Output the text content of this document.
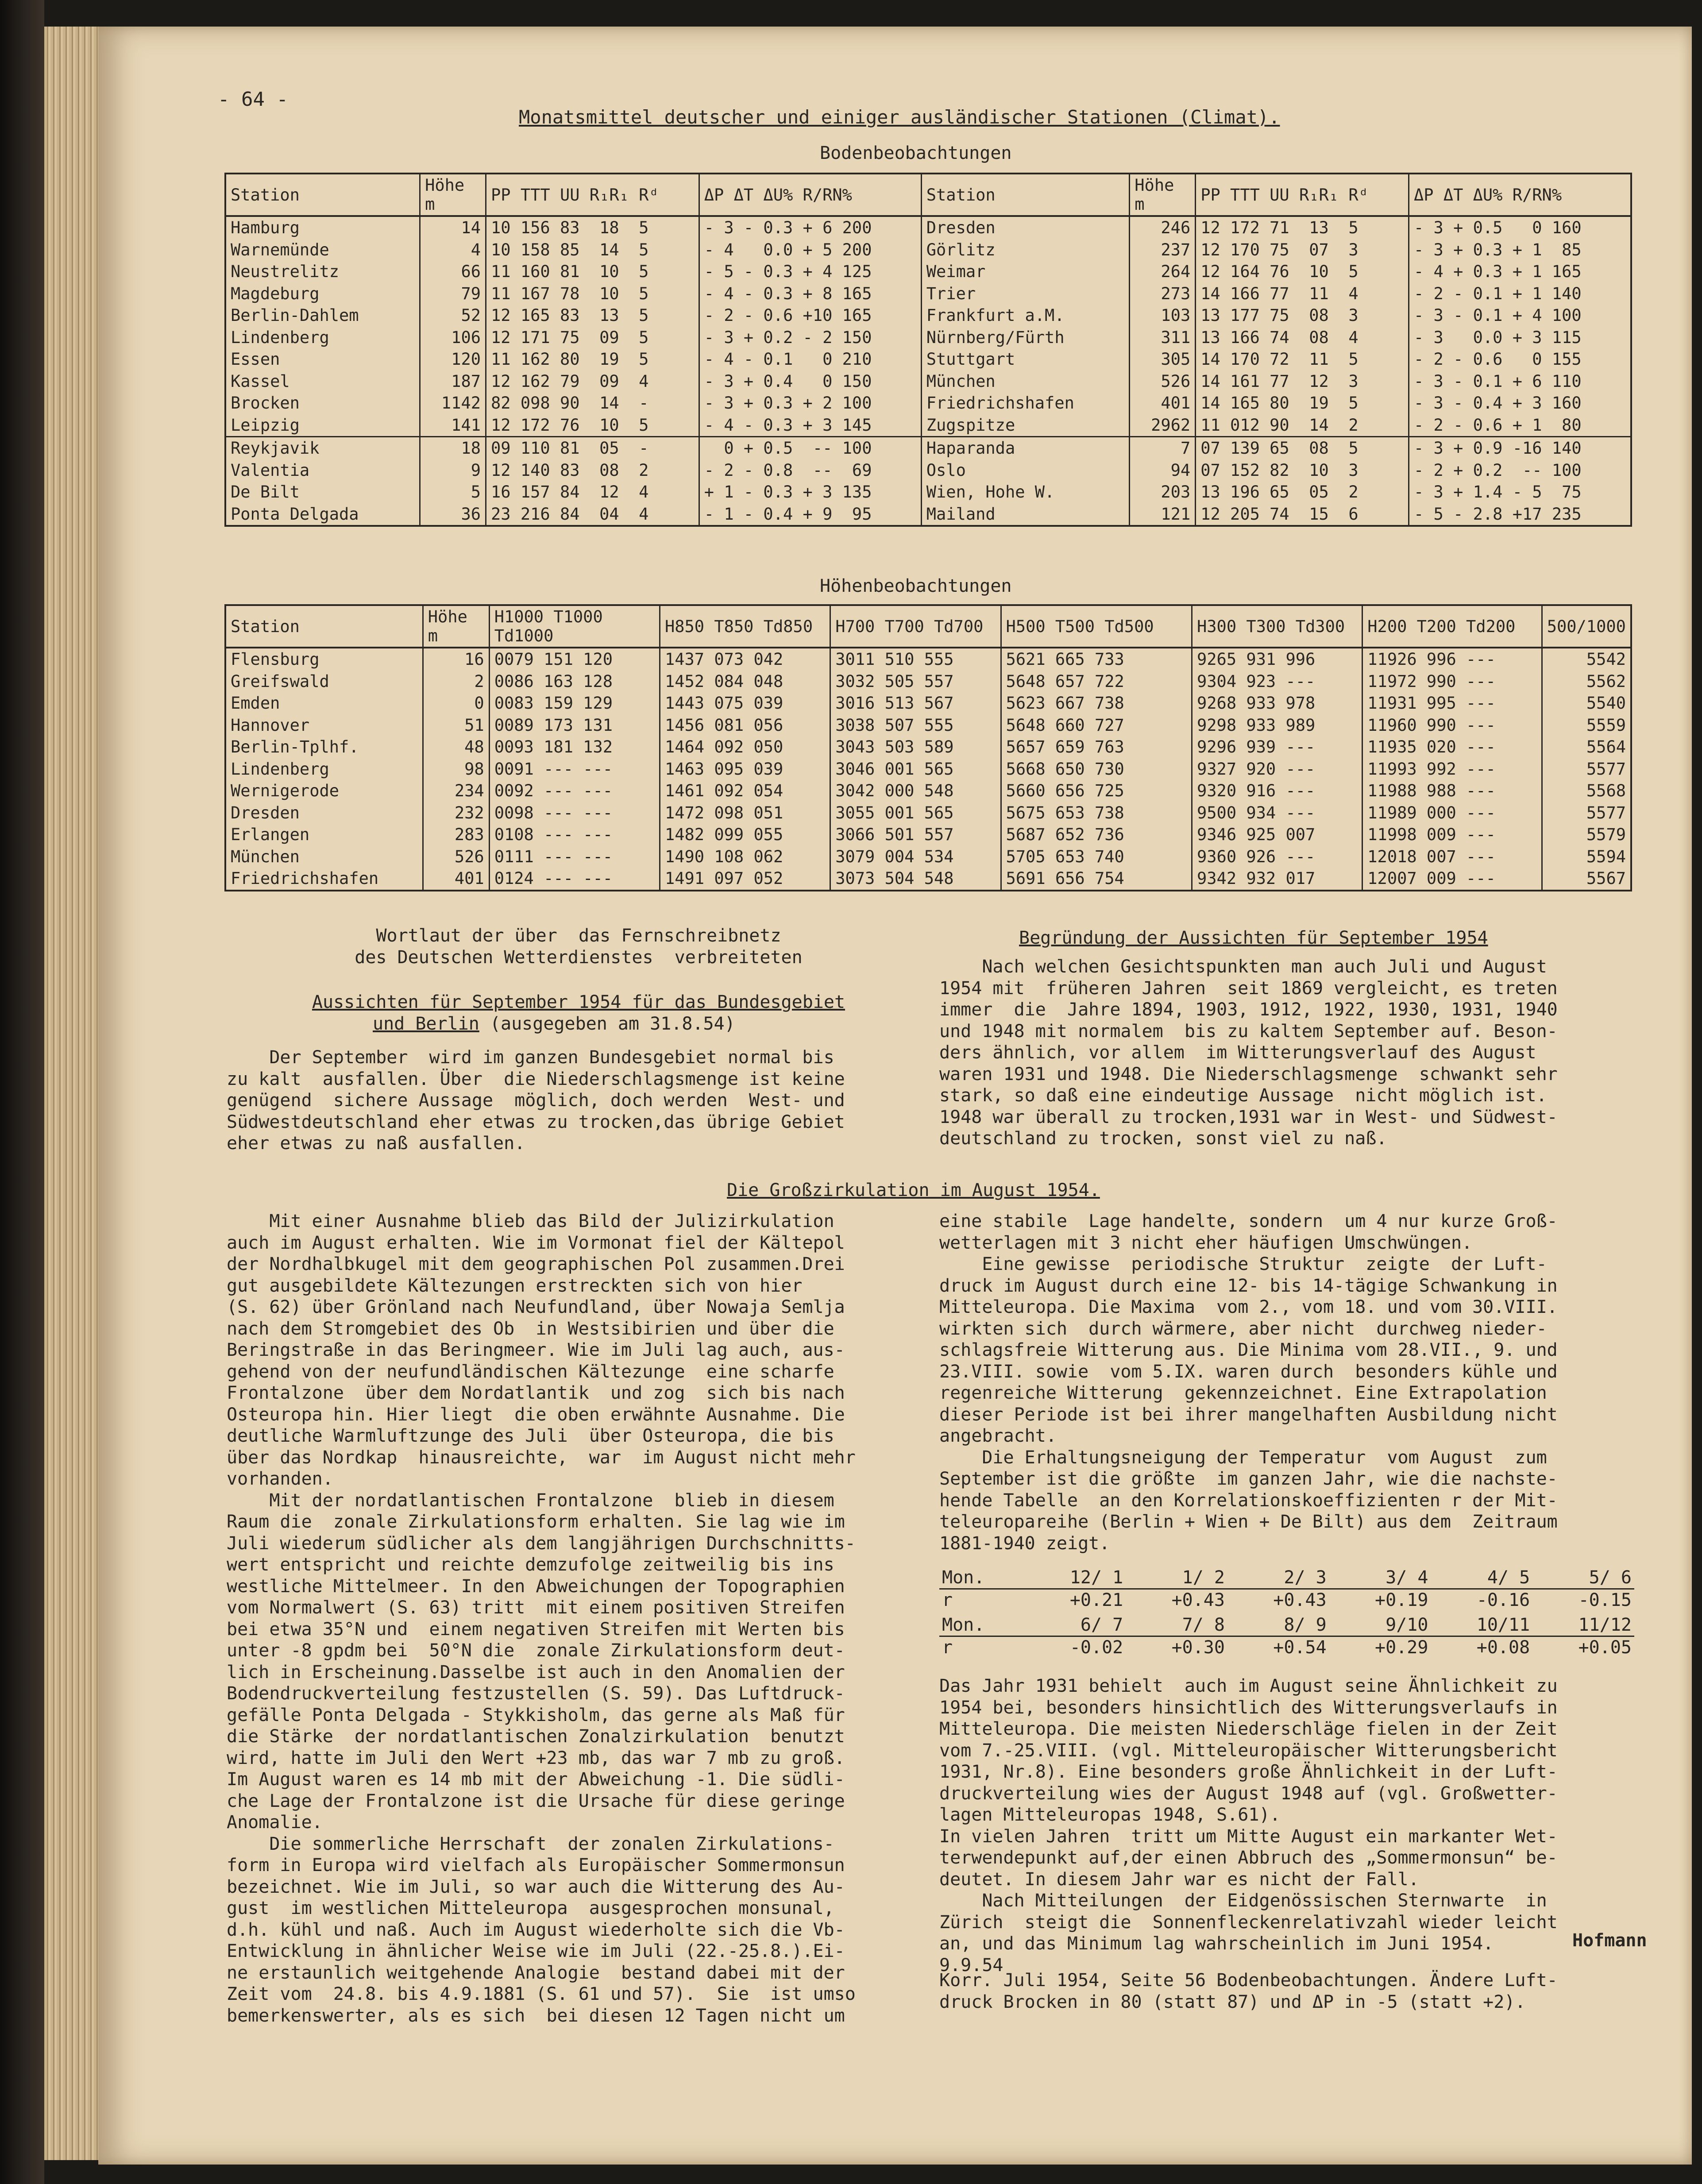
- 64 -
Monatsmittel deutscher und einiger ausländischer Stationen (Climat).
Bodenbeobachtungen
Station	Höhe m	PP TTT UU R₁R₁ Rᵈ	ΔP ΔT ΔU% R/RN%	Station	Höhe m	PP TTT UU R₁R₁ Rᵈ	ΔP ΔT ΔU% R/RN%
Hamburg	14	10 156 83  18  5	- 3 - 0.3 + 6 200	Dresden	246	12 172 71  13  5	- 3 + 0.5   0 160
Warnemünde	4	10 158 85  14  5	- 4   0.0 + 5 200	Görlitz	237	12 170 75  07  3	- 3 + 0.3 + 1  85
Neustrelitz	66	11 160 81  10  5	- 5 - 0.3 + 4 125	Weimar	264	12 164 76  10  5	- 4 + 0.3 + 1 165
Magdeburg	79	11 167 78  10  5	- 4 - 0.3 + 8 165	Trier	273	14 166 77  11  4	- 2 - 0.1 + 1 140
Berlin-Dahlem	52	12 165 83  13  5	- 2 - 0.6 +10 165	Frankfurt a.M.	103	13 177 75  08  3	- 3 - 0.1 + 4 100
Lindenberg	106	12 171 75  09  5	- 3 + 0.2 - 2 150	Nürnberg/Fürth	311	13 166 74  08  4	- 3   0.0 + 3 115
Essen	120	11 162 80  19  5	- 4 - 0.1   0 210	Stuttgart	305	14 170 72  11  5	- 2 - 0.6   0 155
Kassel	187	12 162 79  09  4	- 3 + 0.4   0 150	München	526	14 161 77  12  3	- 3 - 0.1 + 6 110
Brocken	1142	82 098 90  14  -	- 3 + 0.3 + 2 100	Friedrichshafen	401	14 165 80  19  5	- 3 - 0.4 + 3 160
Leipzig	141	12 172 76  10  5	- 4 - 0.3 + 3 145	Zugspitze	2962	11 012 90  14  2	- 2 - 0.6 + 1  80
Reykjavik	18	09 110 81  05  -	0 + 0.5  -- 100	Haparanda	7	07 139 65  08  5	- 3 + 0.9 -16 140
Valentia	9	12 140 83  08  2	- 2 - 0.8  --  69	Oslo	94	07 152 82  10  3	- 2 + 0.2  -- 100
De Bilt	5	16 157 84  12  4	+ 1 - 0.3 + 3 135	Wien, Hohe W.	203	13 196 65  05  2	- 3 + 1.4 - 5  75
Ponta Delgada	36	23 216 84  04  4	- 1 - 0.4 + 9  95	Mailand	121	12 205 74  15  6	- 5 - 2.8 +17 235
Höhenbeobachtungen
Station	Höhe m	H1000 T1000 Td1000	H850 T850 Td850	H700 T700 Td700	H500 T500 Td500	H300 T300 Td300	H200 T200 Td200	500/1000
Flensburg	16	0079 151 120	1437 073 042	3011 510 555	5621 665 733	9265 931 996	11926 996 ---	5542
Greifswald	2	0086 163 128	1452 084 048	3032 505 557	5648 657 722	9304 923 ---	11972 990 ---	5562
Emden	0	0083 159 129	1443 075 039	3016 513 567	5623 667 738	9268 933 978	11931 995 ---	5540
Hannover	51	0089 173 131	1456 081 056	3038 507 555	5648 660 727	9298 933 989	11960 990 ---	5559
Berlin-Tplhf.	48	0093 181 132	1464 092 050	3043 503 589	5657 659 763	9296 939 ---	11935 020 ---	5564
Lindenberg	98	0091 --- ---	1463 095 039	3046 001 565	5668 650 730	9327 920 ---	11993 992 ---	5577
Wernigerode	234	0092 --- ---	1461 092 054	3042 000 548	5660 656 725	9320 916 ---	11988 988 ---	5568
Dresden	232	0098 --- ---	1472 098 051	3055 001 565	5675 653 738	9500 934 ---	11989 000 ---	5577
Erlangen	283	0108 --- ---	1482 099 055	3066 501 557	5687 652 736	9346 925 007	11998 009 ---	5579
München	526	0111 --- ---	1490 108 062	3079 004 534	5705 653 740	9360 926 ---	12018 007 ---	5594
Friedrichshafen	401	0124 --- ---	1491 097 052	3073 504 548	5691 656 754	9342 932 017	12007 009 ---	5567
Wortlaut der über  das Fernschreibnetz
des Deutschen Wetterdienstes  verbreiteten
Aussichten für September 1954 für das Bundesgebiet
und Berlin (ausgegeben am 31.8.54)
Der September  wird im ganzen Bundesgebiet normal bis
zu kalt  ausfallen. Über  die Niederschlagsmenge ist keine
genügend  sichere Aussage  möglich, doch werden  West- und
Südwestdeutschland eher etwas zu trocken,das übrige Gebiet
eher etwas zu naß ausfallen.
Begründung der Aussichten für September 1954
Nach welchen Gesichtspunkten man auch Juli und August
1954 mit  früheren Jahren  seit 1869 vergleicht, es treten
immer  die  Jahre 1894, 1903, 1912, 1922, 1930, 1931, 1940
und 1948 mit normalem  bis zu kaltem September auf. Beson-
ders ähnlich, vor allem  im Witterungsverlauf des August
waren 1931 und 1948. Die Niederschlagsmenge  schwankt sehr
stark, so daß eine eindeutige Aussage  nicht möglich ist.
1948 war überall zu trocken,1931 war in West- und Südwest-
deutschland zu trocken, sonst viel zu naß.
Die Großzirkulation im August 1954.
Mit einer Ausnahme blieb das Bild der Julizirkulation
auch im August erhalten. Wie im Vormonat fiel der Kältepol
der Nordhalbkugel mit dem geographischen Pol zusammen.Drei
gut ausgebildete Kältezungen erstreckten sich von hier
(S. 62) über Grönland nach Neufundland, über Nowaja Semlja
nach dem Stromgebiet des Ob  in Westsibirien und über die
Beringstraße in das Beringmeer. Wie im Juli lag auch, aus-
gehend von der neufundländischen Kältezunge  eine scharfe
Frontalzone  über dem Nordatlantik  und zog  sich bis nach
Osteuropa hin. Hier liegt  die oben erwähnte Ausnahme. Die
deutliche Warmluftzunge des Juli  über Osteuropa, die bis
über das Nordkap  hinausreichte,  war  im August nicht mehr
vorhanden.
Mit der nordatlantischen Frontalzone  blieb in diesem
Raum die  zonale Zirkulationsform erhalten. Sie lag wie im
Juli wiederum südlicher als dem langjährigen Durchschnitts-
wert entspricht und reichte demzufolge zeitweilig bis ins
westliche Mittelmeer. In den Abweichungen der Topographien
vom Normalwert (S. 63) tritt  mit einem positiven Streifen
bei etwa 35°N und  einem negativen Streifen mit Werten bis
unter -8 gpdm bei  50°N die  zonale Zirkulationsform deut-
lich in Erscheinung.Dasselbe ist auch in den Anomalien der
Bodendruckverteilung festzustellen (S. 59). Das Luftdruck-
gefälle Ponta Delgada - Stykkisholm, das gerne als Maß für
die Stärke  der nordatlantischen Zonalzirkulation  benutzt
wird, hatte im Juli den Wert +23 mb, das war 7 mb zu groß.
Im August waren es 14 mb mit der Abweichung -1. Die südli-
che Lage der Frontalzone ist die Ursache für diese geringe
Anomalie.
Die sommerliche Herrschaft  der zonalen Zirkulations-
form in Europa wird vielfach als Europäischer Sommermonsun
bezeichnet. Wie im Juli, so war auch die Witterung des Au-
gust  im westlichen Mitteleuropa  ausgesprochen monsunal,
d.h. kühl und naß. Auch im August wiederholte sich die Vb-
Entwicklung in ähnlicher Weise wie im Juli (22.-25.8.).Ei-
ne erstaunlich weitgehende Analogie  bestand dabei mit der
Zeit vom  24.8. bis 4.9.1881 (S. 61 und 57).  Sie  ist umso
bemerkenswerter, als es sich  bei diesen 12 Tagen nicht um
eine stabile  Lage handelte, sondern  um 4 nur kurze Groß-
wetterlagen mit 3 nicht eher häufigen Umschwüngen.
Eine gewisse  periodische Struktur  zeigte  der Luft-
druck im August durch eine 12- bis 14-tägige Schwankung in
Mitteleuropa. Die Maxima  vom 2., vom 18. und vom 30.VIII.
wirkten sich  durch wärmere, aber nicht  durchweg nieder-
schlagsfreie Witterung aus. Die Minima vom 28.VII., 9. und
23.VIII. sowie  vom 5.IX. waren durch  besonders kühle und
regenreiche Witterung  gekennzeichnet. Eine Extrapolation
dieser Periode ist bei ihrer mangelhaften Ausbildung nicht
angebracht.
Die Erhaltungsneigung der Temperatur  vom August  zum
September ist die größte  im ganzen Jahr, wie die nachste-
hende Tabelle  an den Korrelationskoeffizienten r der Mit-
teleuropareihe (Berlin + Wien + De Bilt) aus dem  Zeitraum
1881-1940 zeigt.
Mon.	12/ 1	1/ 2	2/ 3	3/ 4	4/ 5	5/ 6
r	+0.21	+0.43	+0.43	+0.19	-0.16	-0.15
Mon.	6/ 7	7/ 8	8/ 9	9/10	10/11	11/12
r	-0.02	+0.30	+0.54	+0.29	+0.08	+0.05
Das Jahr 1931 behielt  auch im August seine Ähnlichkeit zu
1954 bei, besonders hinsichtlich des Witterungsverlaufs in
Mitteleuropa. Die meisten Niederschläge fielen in der Zeit
vom 7.-25.VIII. (vgl. Mitteleuropäischer Witterungsbericht
1931, Nr.8). Eine besonders große Ähnlichkeit in der Luft-
druckverteilung wies der August 1948 auf (vgl. Großwetter-
lagen Mitteleuropas 1948, S.61).
In vielen Jahren  tritt um Mitte August ein markanter Wet-
terwendepunkt auf,der einen Abbruch des „Sommermonsun“ be-
deutet. In diesem Jahr war es nicht der Fall.
Nach Mitteilungen  der Eidgenössischen Sternwarte  in
Zürich  steigt die  Sonnenfleckenrelativzahl wieder leicht
an, und das Minimum lag wahrscheinlich im Juni 1954.
9.9.54
Hofmann
Korr. Juli 1954, Seite 56 Bodenbeobachtungen. Ändere Luft-
druck Brocken in 80 (statt 87) und ΔP in -5 (statt +2).
